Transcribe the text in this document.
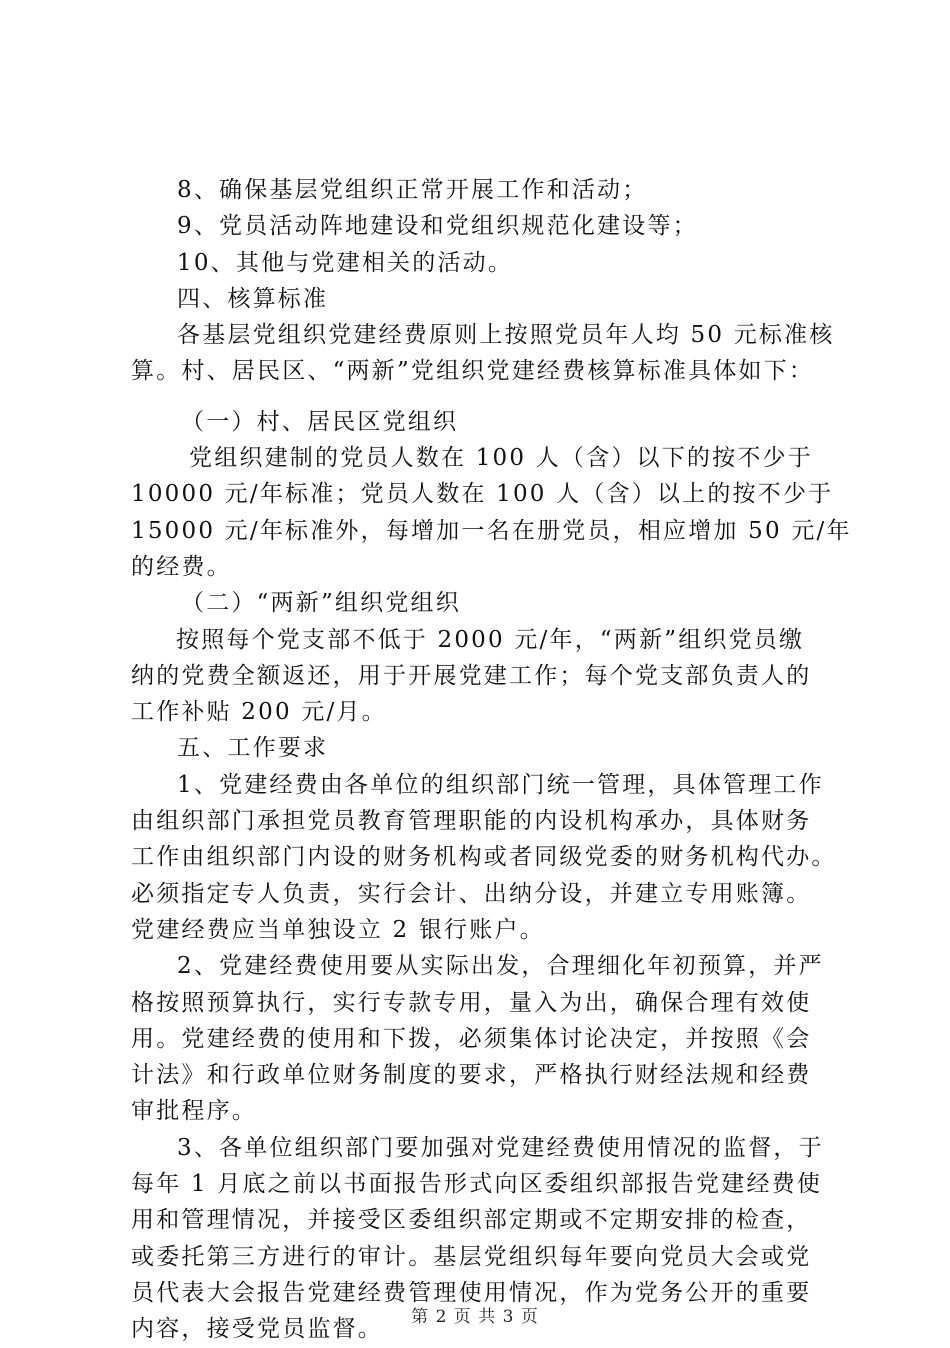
8、确保基层党组织正常开展工作和活动；
9、党员活动阵地建设和党组织规范化建设等；
10、其他与党建相关的活动。
四、核算标准
各基层党组织党建经费原则上按照党员年人均 50 元标准核
算。村、居民区、“两新”党组织党建经费核算标准具体如下：
（一）村、居民区党组织
党组织建制的党员人数在 100 人（含）以下的按不少于
10000 元/年标准；党员人数在 100 人（含）以上的按不少于
15000 元/年标准外，每增加一名在册党员，相应增加 50 元/年
的经费。
（二）“两新”组织党组织
按照每个党支部不低于 2000 元/年，“两新”组织党员缴
纳的党费全额返还，用于开展党建工作；每个党支部负责人的
工作补贴 200 元/月。
五、工作要求
1、党建经费由各单位的组织部门统一管理，具体管理工作
由组织部门承担党员教育管理职能的内设机构承办，具体财务
工作由组织部门内设的财务机构或者同级党委的财务机构代办。
必须指定专人负责，实行会计、出纳分设，并建立专用账簿。
党建经费应当单独设立 2 银行账户。
2、党建经费使用要从实际出发，合理细化年初预算，并严
格按照预算执行，实行专款专用，量入为出，确保合理有效使
用。党建经费的使用和下拨，必须集体讨论决定，并按照《会
计法》和行政单位财务制度的要求，严格执行财经法规和经费
审批程序。
3、各单位组织部门要加强对党建经费使用情况的监督，于
每年 1 月底之前以书面报告形式向区委组织部报告党建经费使
用和管理情况，并接受区委组织部定期或不定期安排的检查，
或委托第三方进行的审计。基层党组织每年要向党员大会或党
员代表大会报告党建经费管理使用情况，作为党务公开的重要
内容，接受党员监督。	第 2 页 共 3 页
